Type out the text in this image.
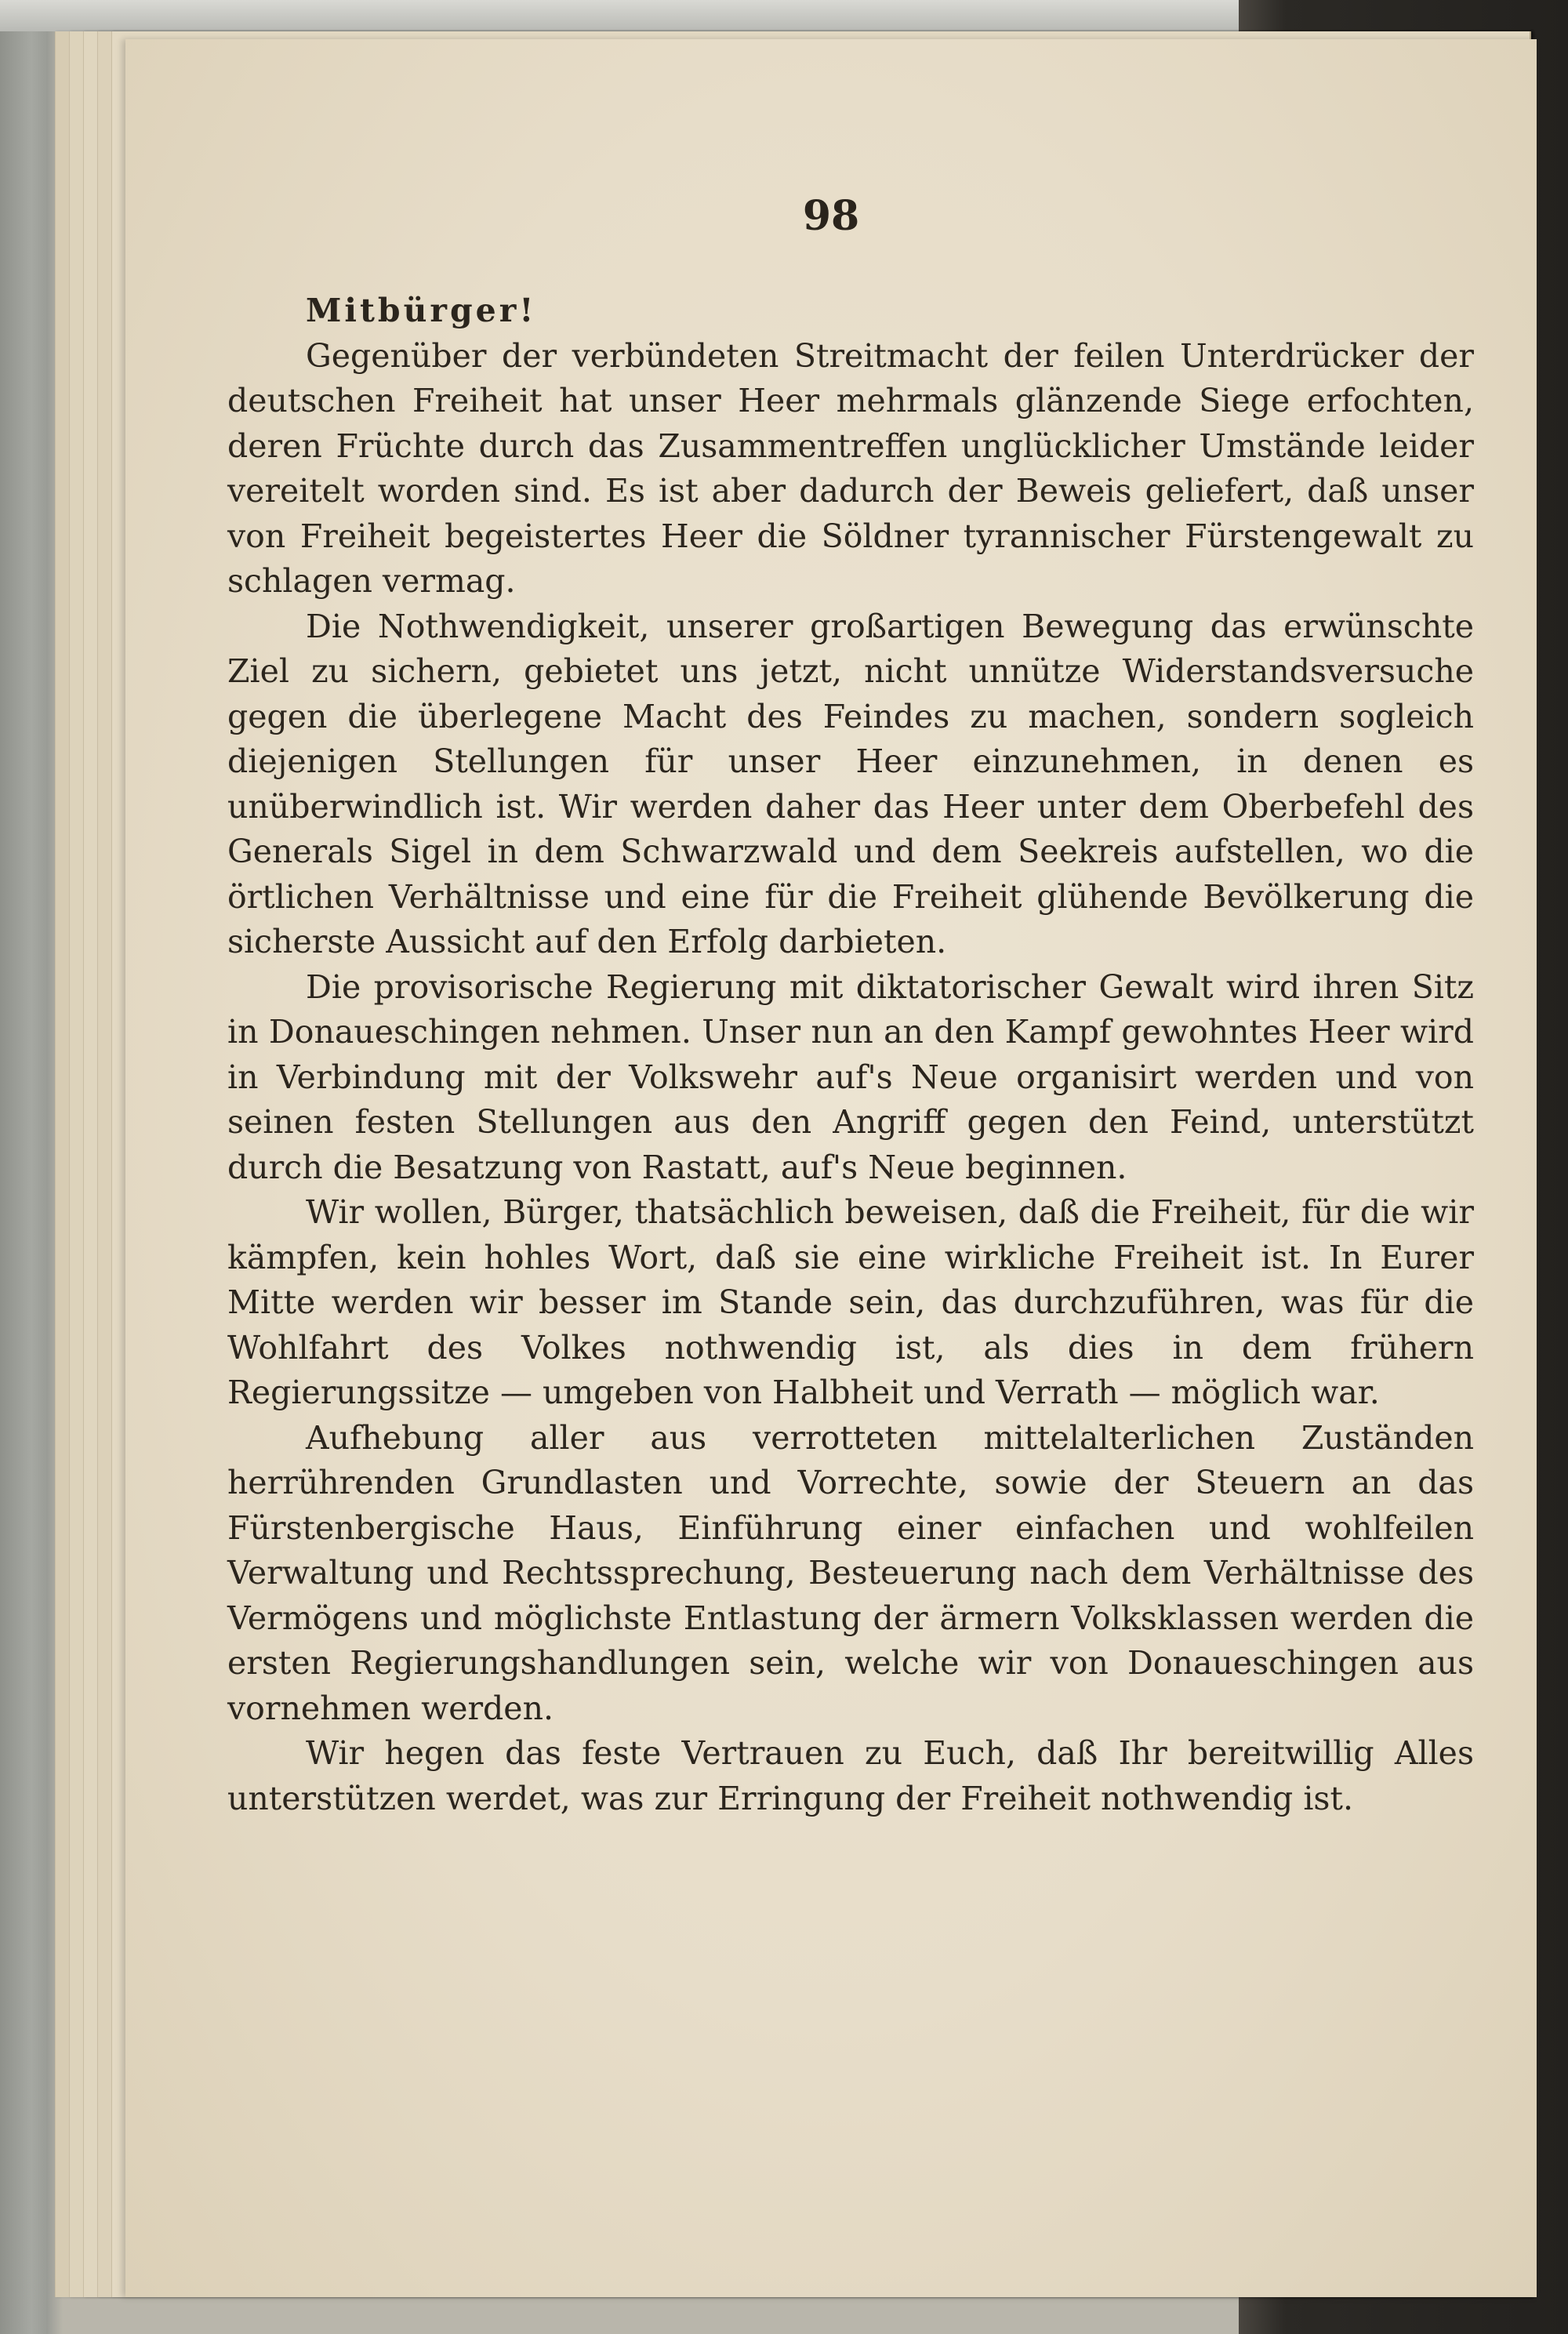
98

Mitbürger!

Gegenüber der verbündeten Streitmacht der feilen Unterdrücker der deutschen Freiheit hat unser Heer mehrmals glänzende Siege erfochten, deren Früchte durch das Zusammentreffen unglücklicher Umstände leider vereitelt worden sind. Es ist aber dadurch der Beweis geliefert, daß unser von Freiheit begeistertes Heer die Söldner tyrannischer Fürstengewalt zu schlagen vermag.

Die Nothwendigkeit, unserer großartigen Bewegung das erwünschte Ziel zu sichern, gebietet uns jetzt, nicht unnütze Widerstandsversuche gegen die überlegene Macht des Feindes zu machen, sondern sogleich diejenigen Stellungen für unser Heer einzunehmen, in denen es unüberwindlich ist. Wir werden daher das Heer unter dem Oberbefehl des Generals Sigel in dem Schwarzwald und dem Seekreis aufstellen, wo die örtlichen Verhältnisse und eine für die Freiheit glühende Bevölkerung die sicherste Aussicht auf den Erfolg darbieten.

Die provisorische Regierung mit diktatorischer Gewalt wird ihren Sitz in Donaueschingen nehmen. Unser nun an den Kampf gewohntes Heer wird in Verbindung mit der Volkswehr auf's Neue organisirt werden und von seinen festen Stellungen aus den Angriff gegen den Feind, unterstützt durch die Besatzung von Rastatt, auf's Neue beginnen.

Wir wollen, Bürger, thatsächlich beweisen, daß die Freiheit, für die wir kämpfen, kein hohles Wort, daß sie eine wirkliche Freiheit ist. In Eurer Mitte werden wir besser im Stande sein, das durchzuführen, was für die Wohlfahrt des Volkes nothwendig ist, als dies in dem frühern Regierungssitze — umgeben von Halbheit und Verrath — möglich war.

Aufhebung aller aus verrotteten mittelalterlichen Zuständen herrührenden Grundlasten und Vorrechte, sowie der Steuern an das Fürstenbergische Haus, Einführung einer einfachen und wohlfeilen Verwaltung und Rechtssprechung, Besteuerung nach dem Verhältnisse des Vermögens und möglichste Entlastung der ärmern Volksklassen werden die ersten Regierungshandlungen sein, welche wir von Donaueschingen aus vornehmen werden.

Wir hegen das feste Vertrauen zu Euch, daß Ihr bereitwillig Alles unterstützen werdet, was zur Erringung der Freiheit nothwendig ist.
